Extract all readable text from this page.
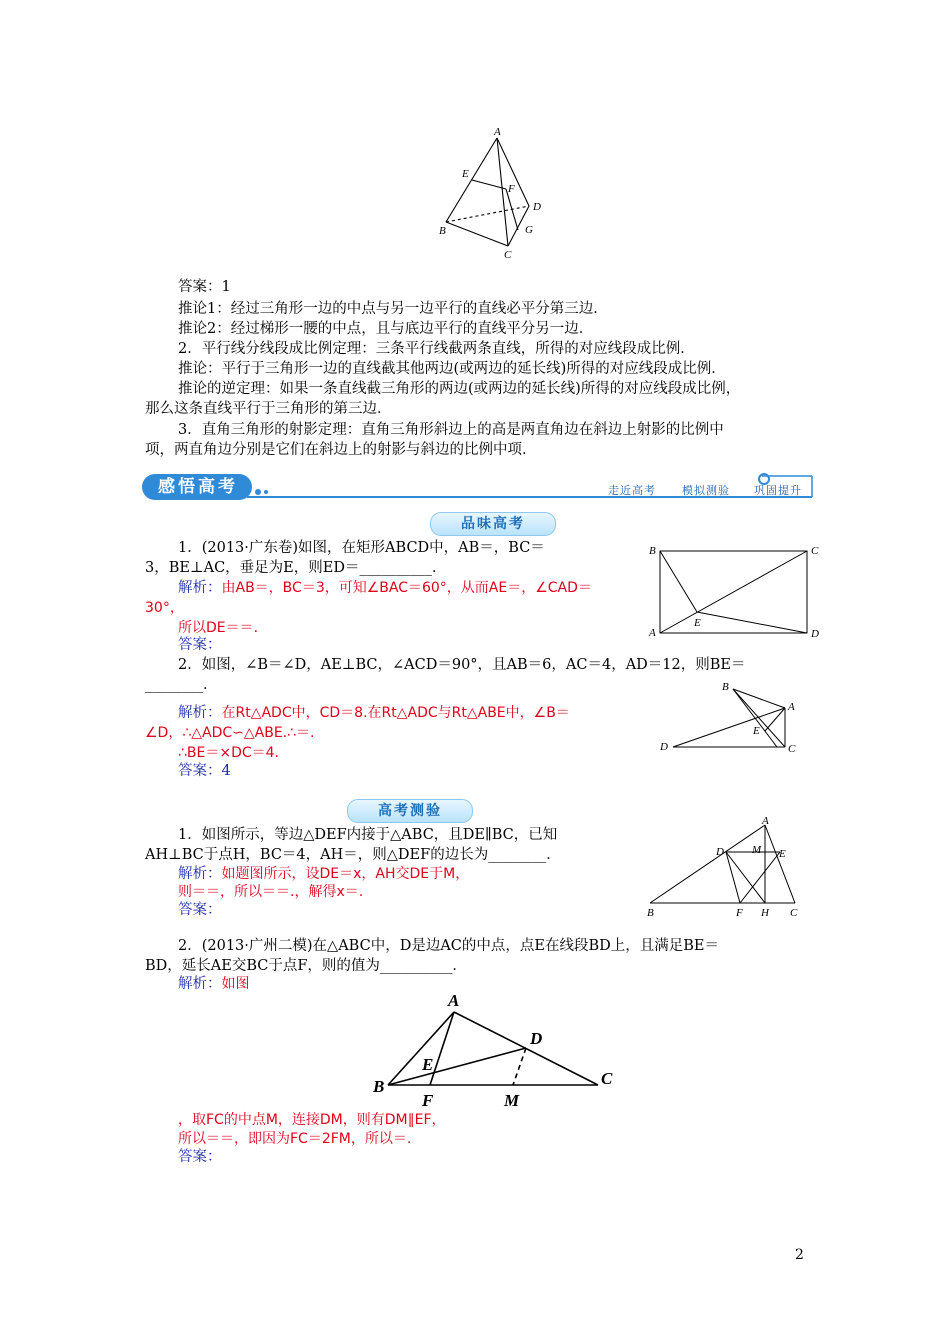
A
E
F
D
B	G
C
答案：1
推论1：经过三角形一边的中点与另一边平行的直线必平分第三边．
推论2：经过梯形一腰的中点，且与底边平行的直线平分另一边．
2．平行线分线段成比例定理：三条平行线截两条直线，所得的对应线段成比例．
推论：平行于三角形一边的直线截其他两边(或两边的延长线)所得的对应线段成比例．
推论的逆定理：如果一条直线截三角形的两边(或两边的延长线)所得的对应线段成比例，
那么这条直线平行于三角形的第三边．
3．直角三角形的射影定理：直角三角形斜边上的高是两直角边在斜边上射影的比例中
项，两直角边分别是它们在斜边上的射影与斜边的比例中项．
感悟高考	走近高考 模拟测验 巩固提升
品味高考
B	C
A	D
E
1．(2013·广东卷)如图，在矩形ABCD中，AB＝，BC＝
3，BE⊥AC，垂足为E，则ED＝__________．
解析：由AB＝，BC＝3，可知∠BAC＝60°，从而AE＝，∠CAD＝
30°，
所以DE＝＝．
答案：
2．如图，∠B＝∠D，AE⊥BC，∠ACD＝90°，且AB＝6，AC＝4，AD＝12，则BE＝
________．	B
A
E
D	C
解析：在Rt△ADC中，CD＝8.在Rt△ADC与Rt△ABE中，∠B＝
∠D，∴△ADC∽△ABE.∴＝.
∴BE＝×DC＝4.
答案：4
高考测验
A
D	M E
B	F H C
1．如图所示，等边△DEF内接于△ABC，且DE∥BC，已知
AH⊥BC于点H，BC＝4，AH＝，则△DEF的边长为________．
解析：如题图所示，设DE＝x，AH交DE于M，
则＝＝，所以＝＝.，解得x＝.
答案：
2．(2013·广州二模)在△ABC中，D是边AC的中点，点E在线段BD上，且满足BE＝
BD，延长AE交BC于点F，则的值为__________．
解析：如图
A
D
E
B	C
F	M
，取FC的中点M，连接DM，则有DM∥EF，
所以＝＝，即因为FC＝2FM，所以＝.
答案：
2
